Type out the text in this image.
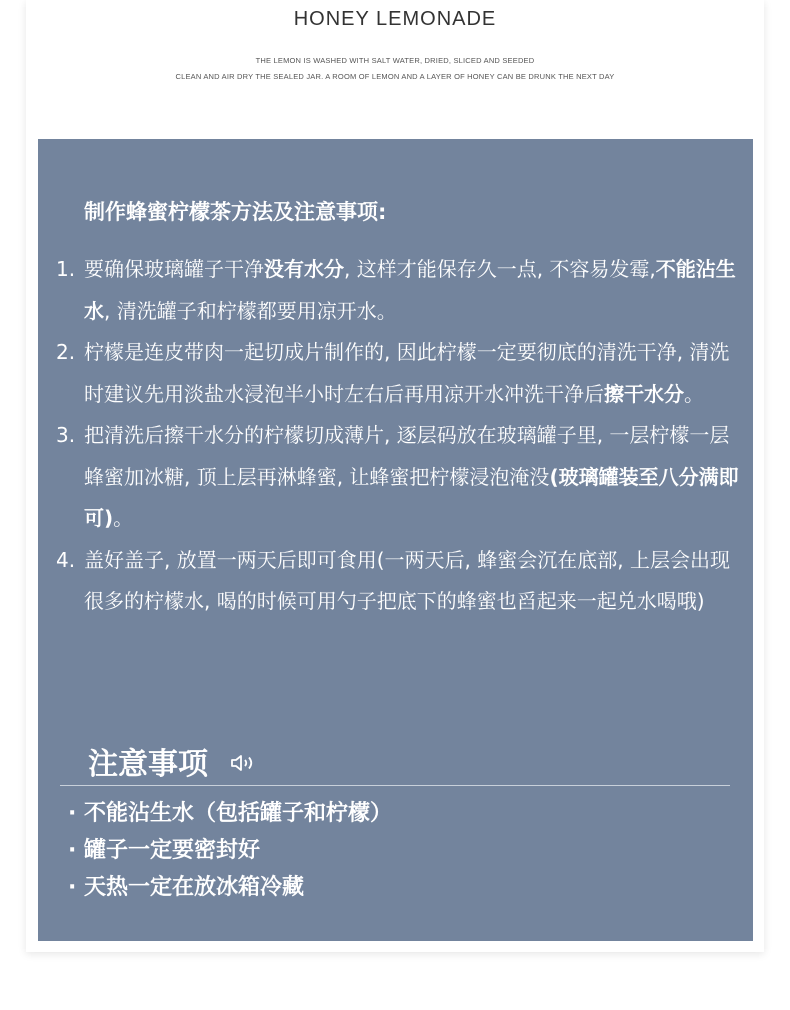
HONEY LEMONADE
THE LEMON IS WASHED WITH SALT WATER, DRIED, SLICED AND SEEDED
CLEAN AND AIR DRY THE SEALED JAR. A ROOM OF LEMON AND A LAYER OF HONEY CAN BE DRUNK THE NEXT DAY
制作蜂蜜柠檬茶方法及注意事项:
1. 要确保玻璃罐子干净没有水分, 这样才能保存久一点, 不容易发霉,不能沾生水, 清洗罐子和柠檬都要用凉开水。
2. 柠檬是连皮带肉一起切成片制作的, 因此柠檬一定要彻底的清洗干净, 清洗时建议先用淡盐水浸泡半小时左右后再用凉开水冲洗干净后擦干水分。
3. 把清洗后擦干水分的柠檬切成薄片, 逐层码放在玻璃罐子里, 一层柠檬一层蜂蜜加冰糖, 顶上层再淋蜂蜜, 让蜂蜜把柠檬浸泡淹没(玻璃罐装至八分满即可)。
4. 盖好盖子, 放置一两天后即可食用(一两天后, 蜂蜜会沉在底部, 上层会出现很多的柠檬水, 喝的时候可用勺子把底下的蜂蜜也舀起来一起兑水喝哦)
注意事项
· 不能沾生水（包括罐子和柠檬）
· 罐子一定要密封好
· 天热一定在放冰箱冷藏
